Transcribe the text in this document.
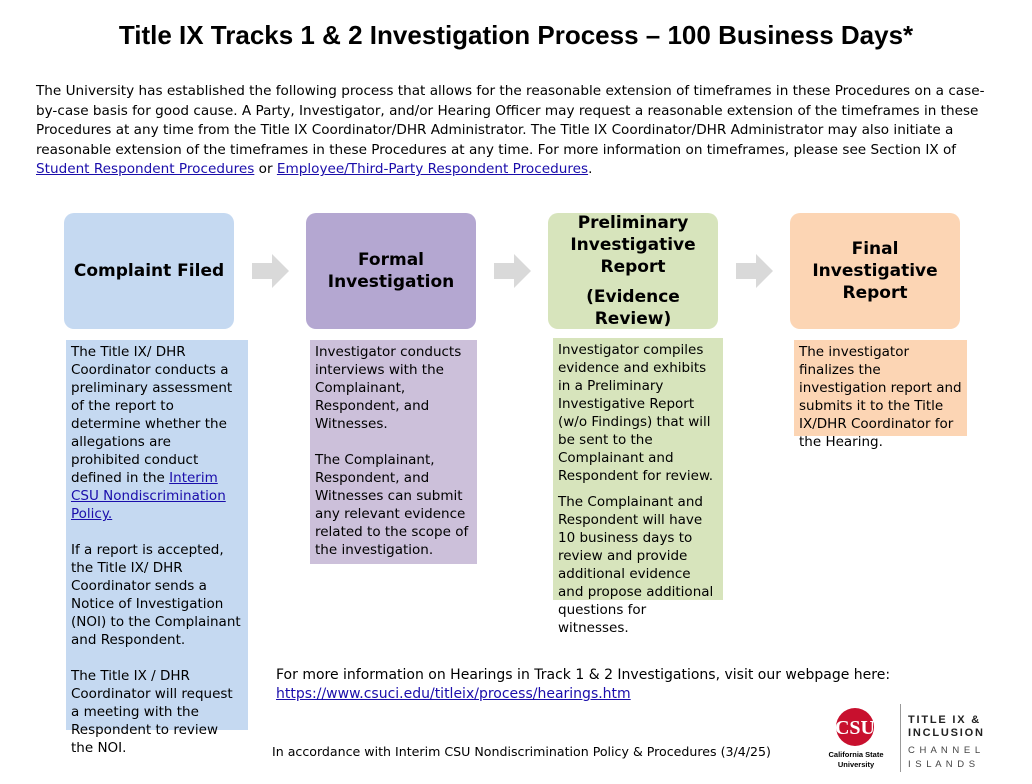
Title IX Tracks 1 & 2 Investigation Process – 100 Business Days*
The University has established the following process that allows for the reasonable extension of timeframes in these Procedures on a case-by-case basis for good cause. A Party, Investigator, and/or Hearing Officer may request a reasonable extension of the timeframes in these Procedures at any time from the Title IX Coordinator/DHR Administrator. The Title IX Coordinator/DHR Administrator may also initiate a reasonable extension of the timeframes in these Procedures at any time. For more information on timeframes, please see Section IX of Student Respondent Procedures or Employee/Third-Party Respondent Procedures.
Complaint Filed
Formal Investigation
Preliminary Investigative Report
(Evidence Review)
Final Investigative Report

The Title IX/ DHR Coordinator conducts a preliminary assessment of the report to determine whether the allegations are prohibited conduct defined in the Interim CSU Nondiscrimination Policy.

If a report is accepted, the Title IX/ DHR Coordinator sends a Notice of Investigation (NOI) to the Complainant and Respondent.

The Title IX / DHR Coordinator will request a meeting with the Respondent to review the NOI.

Investigator conducts interviews with the Complainant, Respondent, and Witnesses.

The Complainant, Respondent, and Witnesses can submit any relevant evidence related to the scope of the investigation.

Investigator compiles evidence and exhibits in a Preliminary Investigative Report (w/o Findings) that will be sent to the Complainant and Respondent for review.

The Complainant and Respondent will have 10 business days to review and provide additional evidence and propose additional questions for witnesses.

The investigator finalizes the investigation report and submits it to the Title IX/DHR Coordinator for the Hearing.

For more information on Hearings in Track 1 & 2 Investigations, visit our webpage here:
https://www.csuci.edu/titleix/process/hearings.htm
In accordance with Interim CSU Nondiscrimination Policy & Procedures (3/4/25)
CSU
California State
University
TITLE IX &
INCLUSION
C H A N N E L
I S L A N D S
